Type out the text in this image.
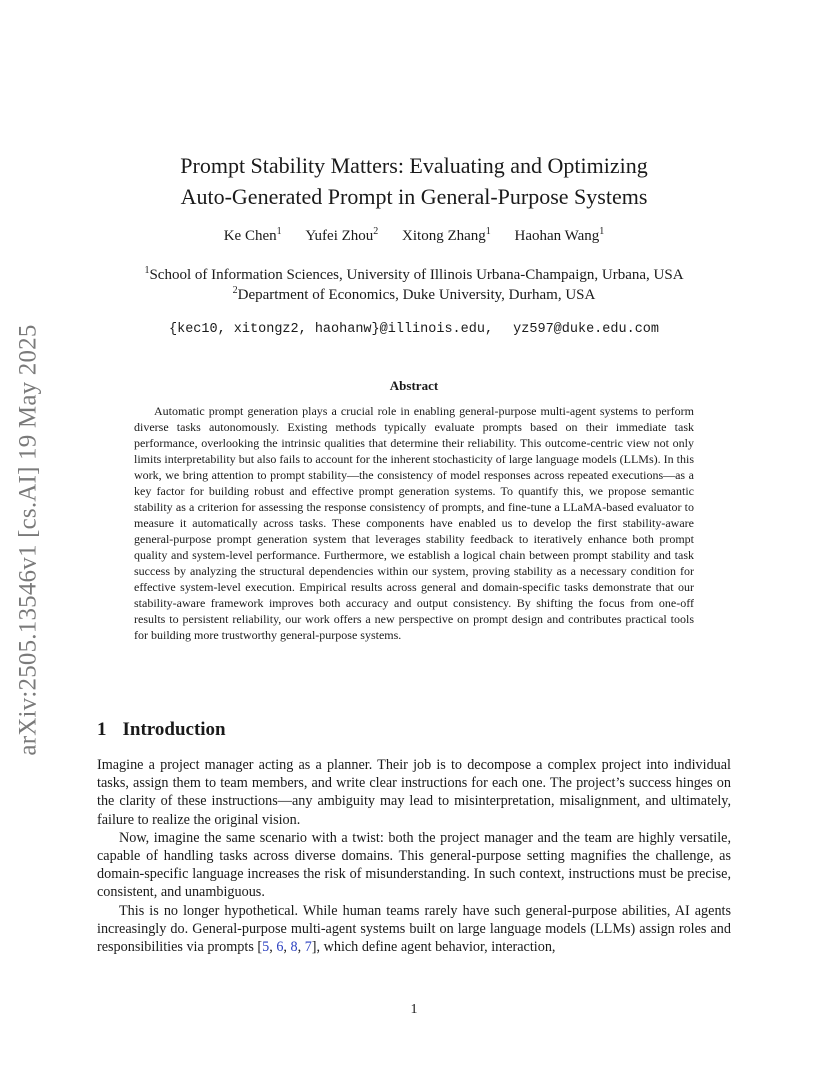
arXiv:2505.13546v1 [cs.AI] 19 May 2025
Prompt Stability Matters: Evaluating and Optimizing
Auto-Generated Prompt in General-Purpose Systems
Ke Chen$^1$ Yufei Zhou$^2$ Xitong Zhang$^1$ Haohan Wang$^1$
$^1$School of Information Sciences, University of Illinois Urbana-Champaign, Urbana, USA
$^2$Department of Economics, Duke University, Durham, USA
{kec10, xitongz2, haohanw}@illinois.edu, yz597@duke.edu.com
Abstract
Automatic prompt generation plays a crucial role in enabling general-purpose multi-agent systems to perform diverse tasks autonomously. Existing methods typically evaluate prompts based on their immediate task performance, overlooking the intrinsic qualities that determine their reliability. This outcome-centric view not only limits interpretability but also fails to account for the inherent stochasticity of large language models (LLMs). In this work, we bring attention to prompt stability—the consistency of model responses across repeated executions—as a key factor for building robust and effective prompt generation systems. To quantify this, we propose semantic stability as a criterion for assessing the response consistency of prompts, and fine-tune a LLaMA-based evaluator to measure it automatically across tasks. These components have enabled us to develop the first stability-aware general-purpose prompt generation system that leverages stability feedback to iteratively enhance both prompt quality and system-level performance. Furthermore, we establish a logical chain between prompt stability and task success by analyzing the structural dependencies within our system, proving stability as a necessary condition for effective system-level execution. Empirical results across general and domain-specific tasks demonstrate that our stability-aware framework improves both accuracy and output consistency. By shifting the focus from one-off results to persistent reliability, our work offers a new perspective on prompt design and contributes practical tools for building more trustworthy general-purpose systems.
1 Introduction

Imagine a project manager acting as a planner. Their job is to decompose a complex project into individual tasks, assign them to team members, and write clear instructions for each one. The project’s success hinges on the clarity of these instructions—any ambiguity may lead to misinterpretation, misalignment, and ultimately, failure to realize the original vision.

Now, imagine the same scenario with a twist: both the project manager and the team are highly versatile, capable of handling tasks across diverse domains. This general-purpose setting magnifies the challenge, as domain-specific language increases the risk of misunderstanding. In such context, instructions must be precise, consistent, and unambiguous.

This is no longer hypothetical. While human teams rarely have such general-purpose abilities, AI agents increasingly do. General-purpose multi-agent systems built on large language models (LLMs) assign roles and responsibilities via prompts [5, 6, 8, 7], which define agent behavior, interaction,

1
